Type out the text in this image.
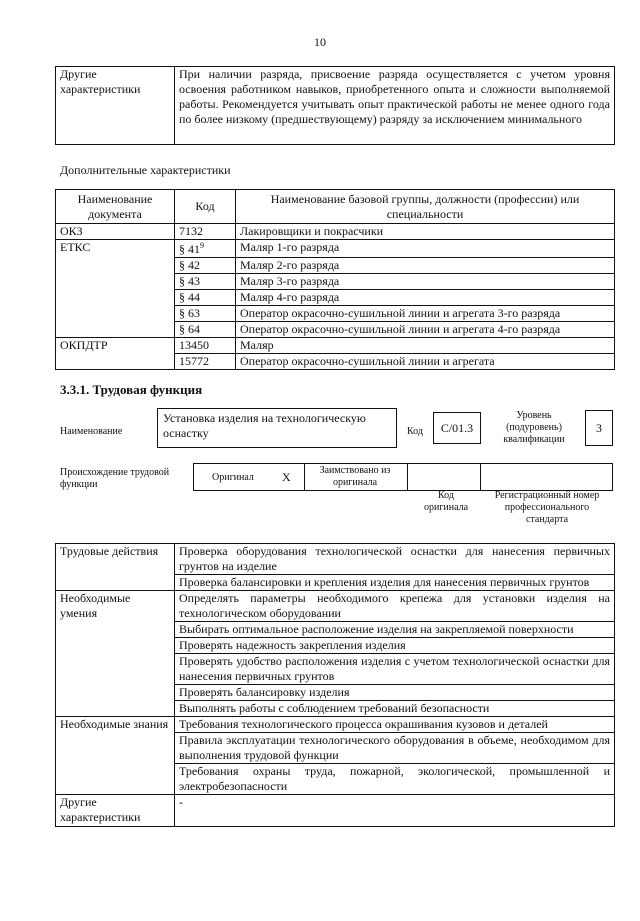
10
Другие характеристики	При наличии разряда, присвоение разряда осуществляется с учетом уровня освоения работником навыков, приобретенного опыта и сложности выполняемой работы. Рекомендуется учитывать опыт практической работы не менее одного года по более низкому (предшествующему) разряду за исключением минимального
Дополнительные характеристики
Наименование документа	Код	Наименование базовой группы, должности (профессии) или специальности
ОКЗ	7132	Лакировщики и покрасчики
ЕТКС	§ $41^9$	Маляр 1-го разряда
	§ 42	Маляр 2-го разряда
	§ 43	Маляр 3-го разряда
	§ 44	Маляр 4-го разряда
	§ 63	Оператор окрасочно-сушильной линии и агрегата 3-го разряда
	§ 64	Оператор окрасочно-сушильной линии и агрегата 4-го разряда
ОКПДТР	13450	Маляр
	15772	Оператор окрасочно-сушильной линии и агрегата
3.3.1. Трудовая функция
Наименование
Установка изделия на технологическую оснастку	Код	С/01.3
Уровень (подуровень) квалификации
3
Происхождение трудовой функции
Оригинал X	Заимствовано из оригинала
Код оригинала
Регистрационный номер профессионального стандарта
Трудовые действия	Проверка оборудования технологической оснастки для нанесения первичных грунтов на изделие
	Проверка балансировки и крепления изделия для нанесения первичных грунтов
Необходимые умения	Определять параметры необходимого крепежа для установки изделия на технологическом оборудовании
	Выбирать оптимальное расположение изделия на закрепляемой поверхности
	Проверять надежность закрепления изделия
	Проверять удобство расположения изделия с учетом технологической оснастки для нанесения первичных грунтов
	Проверять балансировку изделия
	Выполнять работы с соблюдением требований безопасности
Необходимые знания	Требования технологического процесса окрашивания кузовов и деталей
	Правила эксплуатации технологического оборудования в объеме, необходимом для выполнения трудовой функции
	Требования охраны труда, пожарной, экологической, промышленной и электробезопасности
Другие характеристики	-
